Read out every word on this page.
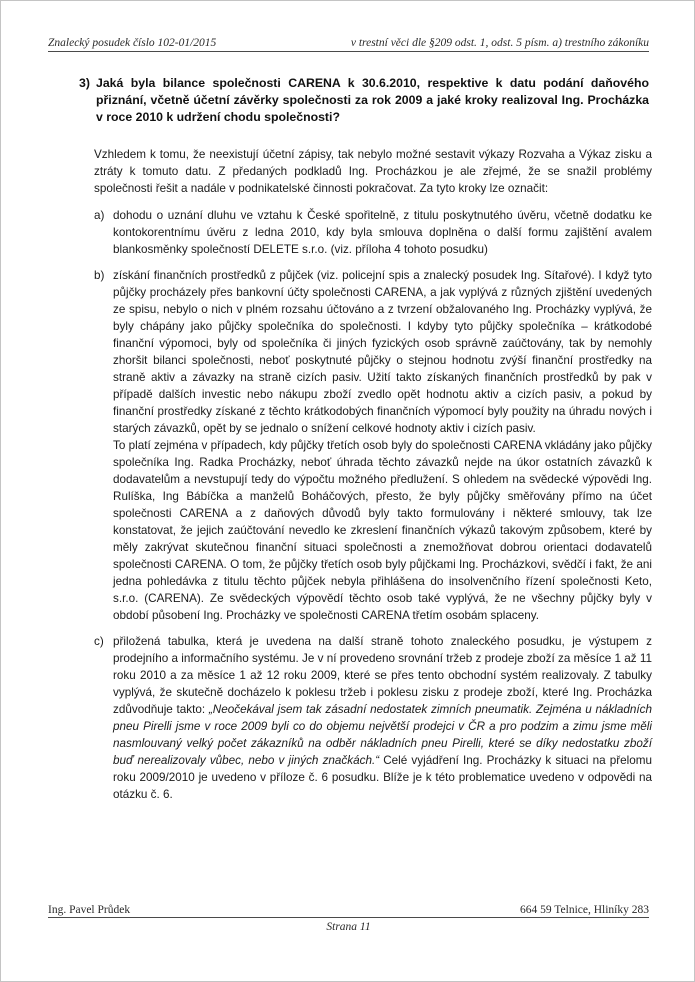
Znalecký posudek číslo 102-01/2015	v trestní věci dle §209 odst. 1, odst. 5 písm. a) trestního zákoníku
3) Jaká byla bilance společnosti CARENA k 30.6.2010, respektive k datu podání daňového přiznání, včetně účetní závěrky společnosti za rok 2009 a jaké kroky realizoval Ing. Procházka v roce 2010 k udržení chodu společnosti?

Vzhledem k tomu, že neexistují účetní zápisy, tak nebylo možné sestavit výkazy Rozvaha a Výkaz zisku a ztráty k tomuto datu. Z předaných podkladů Ing. Procházkou je ale zřejmé, že se snažil problémy společnosti řešit a nadále v podnikatelské činnosti pokračovat. Za tyto kroky lze označit:

a) dohodu o uznání dluhu ve vztahu k České spořitelně, z titulu poskytnutého úvěru, včetně dodatku ke kontokorentnímu úvěru z ledna 2010, kdy byla smlouva doplněna o další formu zajištění avalem blankosměnky společností DELETE s.r.o. (viz. příloha 4 tohoto posudku)

b) získání finančních prostředků z půjček (viz. policejní spis a znalecký posudek Ing. Sítařové). I když tyto půjčky procházely přes bankovní účty společnosti CARENA, a jak vyplývá z různých zjištění uvedených ze spisu, nebylo o nich v plném rozsahu účtováno a z tvrzení obžalovaného Ing. Procházky vyplývá, že byly chápány jako půjčky společníka do společnosti. I kdyby tyto půjčky společníka – krátkodobé finanční výpomoci, byly od společníka či jiných fyzických osob správně zaúčtovány, tak by nemohly zhoršit bilanci společnosti, neboť poskytnuté půjčky o stejnou hodnotu zvýší finanční prostředky na straně aktiv a závazky na straně cizích pasiv. Užití takto získaných finančních prostředků by pak v případě dalších investic nebo nákupu zboží zvedlo opět hodnotu aktiv a cizích pasiv, a pokud by finanční prostředky získané z těchto krátkodobých finančních výpomocí byly použity na úhradu nových i starých závazků, opět by se jednalo o snížení celkové hodnoty aktiv i cizích pasiv.

To platí zejména v případech, kdy půjčky třetích osob byly do společnosti CARENA vkládány jako půjčky společníka Ing. Radka Procházky, neboť úhrada těchto závazků nejde na úkor ostatních závazků k dodavatelům a nevstupují tedy do výpočtu možného předlužení. S ohledem na svědecké výpovědi Ing. Rulíška, Ing Bábíčka a manželů Boháčových, přesto, že byly půjčky směřovány přímo na účet společnosti CARENA a z daňových důvodů byly takto formulovány i některé smlouvy, tak lze konstatovat, že jejich zaúčtování nevedlo ke zkreslení finančních výkazů takovým způsobem, které by měly zakrývat skutečnou finanční situaci společnosti a znemožňovat dobrou orientaci dodavatelů společnosti CARENA. O tom, že půjčky třetích osob byly půjčkami Ing. Procházkovi, svědčí i fakt, že ani jedna pohledávka z titulu těchto půjček nebyla přihlášena do insolvenčního řízení společnosti Keto, s.r.o. (CARENA). Ze svědeckých výpovědí těchto osob také vyplývá, že ne všechny půjčky byly v období působení Ing. Procházky ve společnosti CARENA třetím osobám splaceny.

c) přiložená tabulka, která je uvedena na další straně tohoto znaleckého posudku, je výstupem z prodejního a informačního systému. Je v ní provedeno srovnání tržeb z prodeje zboží za měsíce 1 až 11 roku 2010 a za měsíce 1 až 12 roku 2009, které se přes tento obchodní systém realizovaly. Z tabulky vyplývá, že skutečně docházelo k poklesu tržeb i poklesu zisku z prodeje zboží, které Ing. Procházka zdůvodňuje takto: „Neočekával jsem tak zásadní nedostatek zimních pneumatik. Zejména u nákladních pneu Pirelli jsme v roce 2009 byli co do objemu největší prodejci v ČR a pro podzim a zimu jsme měli nasmlouvaný velký počet zákazníků na odběr nákladních pneu Pirelli, které se díky nedostatku zboží buď nerealizovaly vůbec, nebo v jiných značkách.“ Celé vyjádření Ing. Procházky k situaci na přelomu roku 2009/2010 je uvedeno v příloze č. 6 posudku. Blíže je k této problematice uvedeno v odpovědi na otázku č. 6.

Ing. Pavel Průdek	664 59 Telnice, Hliníky 283
Strana 11
